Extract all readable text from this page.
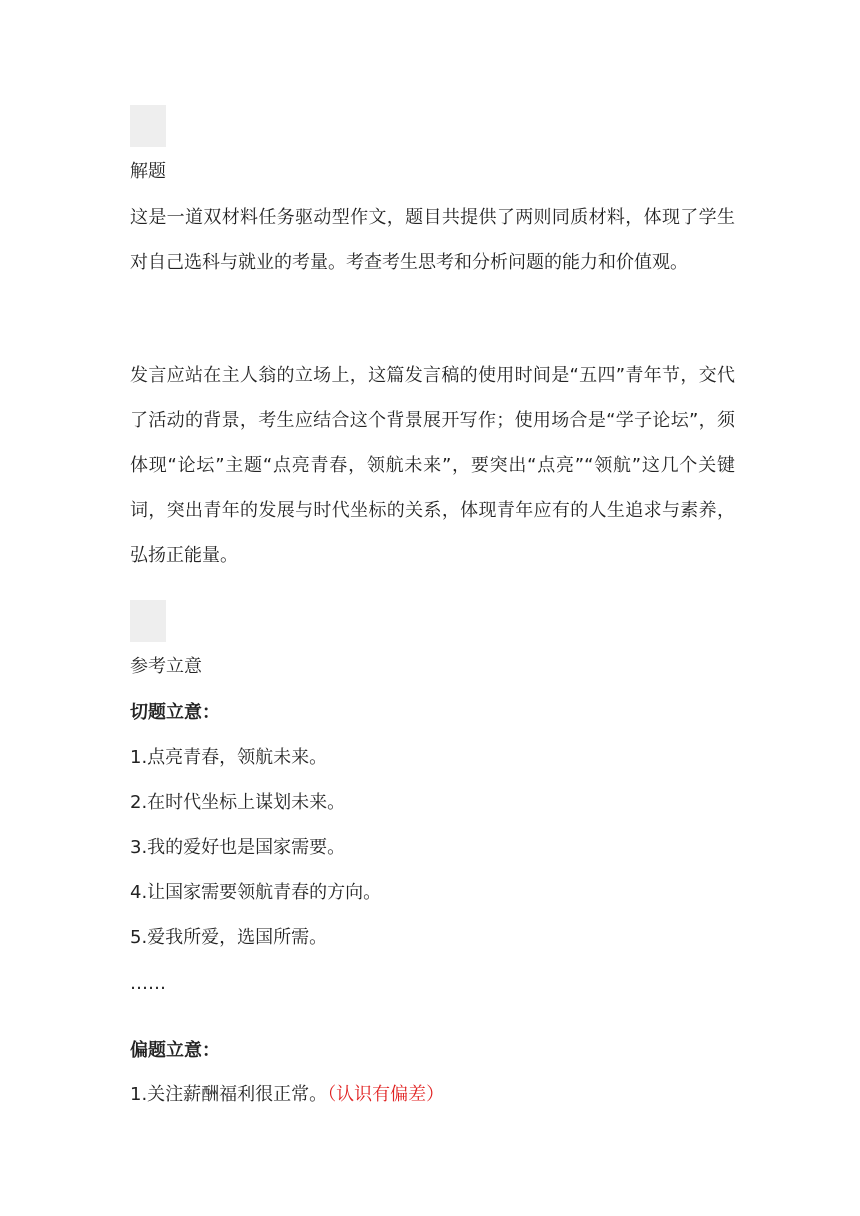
解题
这是一道双材料任务驱动型作文，题目共提供了两则同质材料，体现了学生对自己选科与就业的考量。考查考生思考和分析问题的能力和价值观。
发言应站在主人翁的立场上，这篇发言稿的使用时间是“五四”青年节，交代了活动的背景，考生应结合这个背景展开写作；使用场合是“学子论坛”，须体现“论坛”主题“点亮青春，领航未来”，要突出“点亮”“领航”这几个关键词，突出青年的发展与时代坐标的关系，体现青年应有的人生追求与素养，弘扬正能量。
参考立意
切题立意：
1.点亮青春，领航未来。
2.在时代坐标上谋划未来。
3.我的爱好也是国家需要。
4.让国家需要领航青春的方向。
5.爱我所爱，选国所需。
……
偏题立意：
1.关注薪酬福利很正常。（认识有偏差）
